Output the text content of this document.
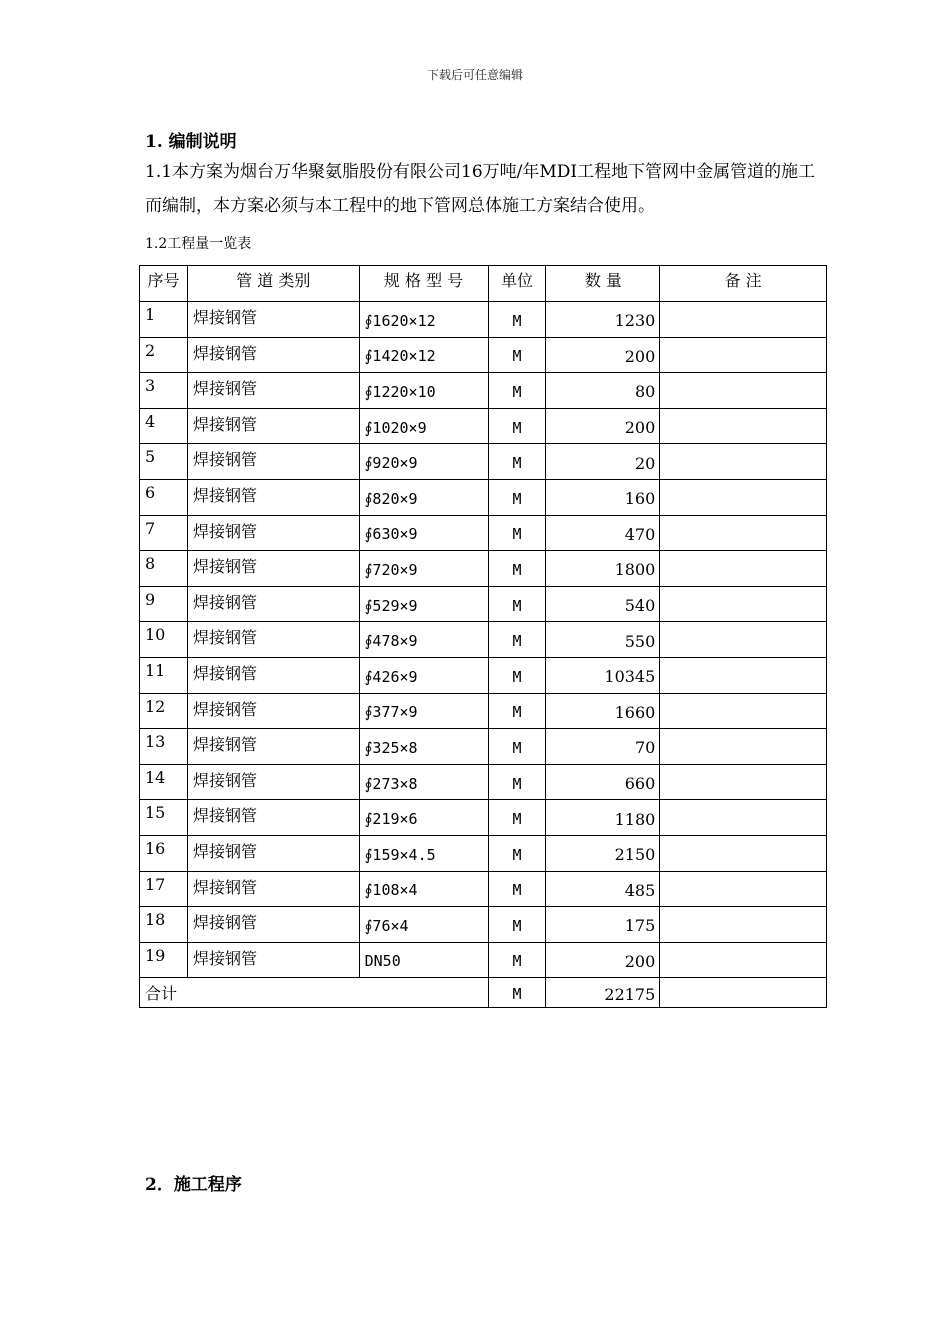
下载后可任意编辑
1. 编制说明
1.1本方案为烟台万华聚氨脂股份有限公司16万吨/年MDI工程地下管网中金属管道的施工而编制，本方案必须与本工程中的地下管网总体施工方案结合使用。
1.2工程量一览表
序号	管 道 类别	规 格 型 号	单位	数 量	备 注
1	焊接钢管	∮1620×12	M	1230	
2	焊接钢管	∮1420×12	M	200	
3	焊接钢管	∮1220×10	M	80	
4	焊接钢管	∮1020×9	M	200	
5	焊接钢管	∮920×9	M	20	
6	焊接钢管	∮820×9	M	160	
7	焊接钢管	∮630×9	M	470	
8	焊接钢管	∮720×9	M	1800	
9	焊接钢管	∮529×9	M	540	
10	焊接钢管	∮478×9	M	550	
11	焊接钢管	∮426×9	M	10345	
12	焊接钢管	∮377×9	M	1660	
13	焊接钢管	∮325×8	M	70	
14	焊接钢管	∮273×8	M	660	
15	焊接钢管	∮219×6	M	1180	
16	焊接钢管	∮159×4.5	M	2150	
17	焊接钢管	∮108×4	M	485	
18	焊接钢管	∮76×4	M	175	
19	焊接钢管	DN50	M	200	
合计			M	22175	
2．施工程序
